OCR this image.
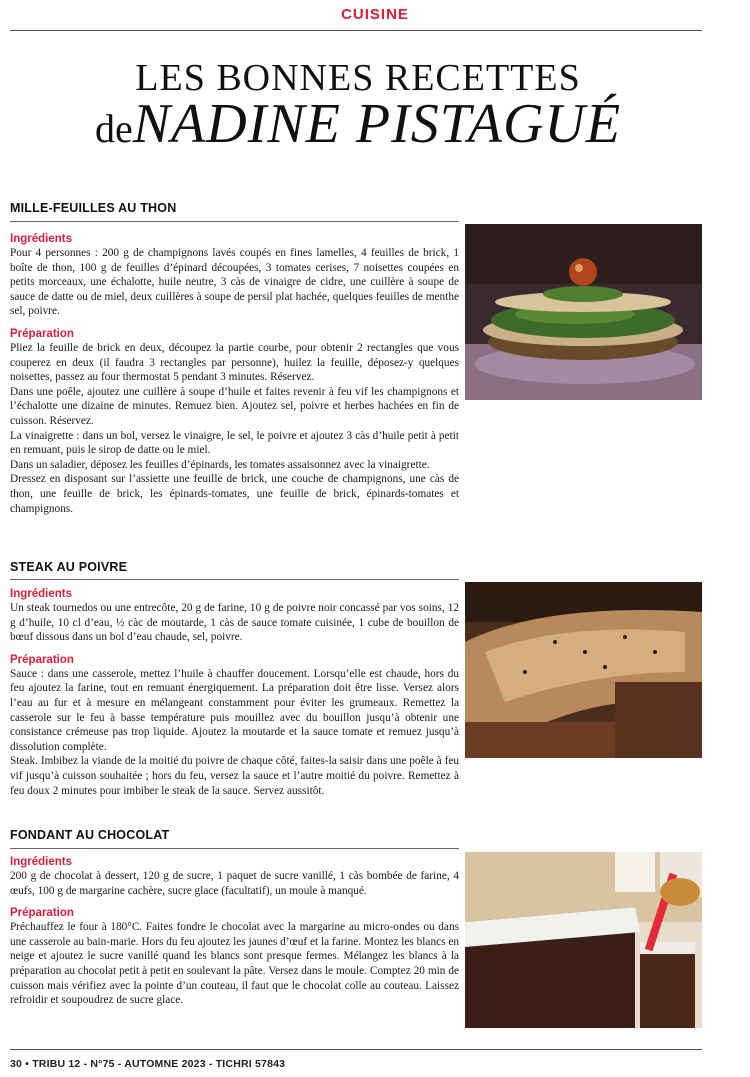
CUISINE
LES BONNES RECETTES
deNADINE PISTAGUÉ
MILLE-FEUILLES AU THON
Ingrédients

Pour 4 personnes : 200 g de champignons lavés coupés en fines lamelles, 4 feuilles de brick, 1 boîte de thon, 100 g de feuilles d’épinard découpées, 3 tomates cerises, 7 noisettes coupées en petits morceaux, une échalotte, huile neutre, 3 càs de vinaigre de cidre, une cuillère à soupe de sauce de datte ou de miel, deux cuillères à soupe de persil plat hachée, quelques feuilles de menthe sel, poivre.

Préparation

Pliez la feuille de brick en deux, découpez la partie courbe, pour obtenir 2 rectangles que vous couperez en deux (il faudra 3 rectangles par personne), huilez la feuille, déposez-y quelques noisettes, passez au four thermostat 5 pendant 3 minutes. Réservez.

Dans une poêle, ajoutez une cuillère à soupe d’huile et faites revenir à feu vif les champignons et l’échalotte une dizaine de minutes. Remuez bien. Ajoutez sel, poivre et herbes hachées en fin de cuisson. Réservez.

La vinaigrette : dans un bol, versez le vinaigre, le sel, le poivre et ajoutez 3 càs d’huile petit à petit en remuant, puis le sirop de datte ou le miel.

Dans un saladier, déposez les feuilles d’épinards, les tomates assaisonnez avec la vinaigrette.

Dressez en disposant sur l’assiette une feuille de brick, une couche de champignons, une càs de thon, une feuille de brick, les épinards-tomates, une feuille de brick, épinards-tomates et champignons.

STEAK AU POIVRE
Ingrédients

Un steak tournedos ou une entrecôte, 20 g de farine, 10 g de poivre noir concassé par vos soins, 12 g d’huile, 10 cl d’eau, ½ càc de moutarde, 1 càs de sauce tomate cuisinée, 1 cube de bouillon de bœuf dissous dans un bol d’eau chaude, sel, poivre.

Préparation

Sauce : dans une casserole, mettez l’huile à chauffer doucement. Lorsqu’elle est chaude, hors du feu ajoutez la farine, tout en remuant énergiquement. La préparation doit être lisse. Versez alors l’eau au fur et à mesure en mélangeant constamment pour éviter les grumeaux. Remettez la casserole sur le feu à basse température puis mouillez avec du bouillon jusqu’à obtenir une consistance crémeuse pas trop liquide. Ajoutez la moutarde et la sauce tomate et remuez jusqu’à dissolution complète.

Steak. Imbibez la viande de la moitié du poivre de chaque côté, faites-la saisir dans une poêle à feu vif jusqu’à cuisson souhaitée ; hors du feu, versez la sauce et l’autre moitié du poivre. Remettez à feu doux 2 minutes pour imbiber le steak de la sauce. Servez aussitôt.

FONDANT AU CHOCOLAT
Ingrédients

200 g de chocolat à dessert, 120 g de sucre, 1 paquet de sucre vanillé, 1 càs bombée de farine, 4 œufs, 100 g de margarine cachère, sucre glace (facultatif), un moule à manqué.

Préparation

Préchauffez le four à 180°C. Faites fondre le chocolat avec la margarine au micro-ondes ou dans une casserole au bain-marie. Hors du feu ajoutez les jaunes d’œuf et la farine. Montez les blancs en neige et ajoutez le sucre vanillé quand les blancs sont presque fermes. Mélangez les blancs à la préparation au chocolat petit à petit en soulevant la pâte. Versez dans le moule. Comptez 20 min de cuisson mais vérifiez avec la pointe d’un couteau, il faut que le chocolat colle au couteau. Laissez refroidir et soupoudrez de sucre glace.

30 • TRIBU 12 - N°75 - AUTOMNE 2023 - TICHRI 57843
